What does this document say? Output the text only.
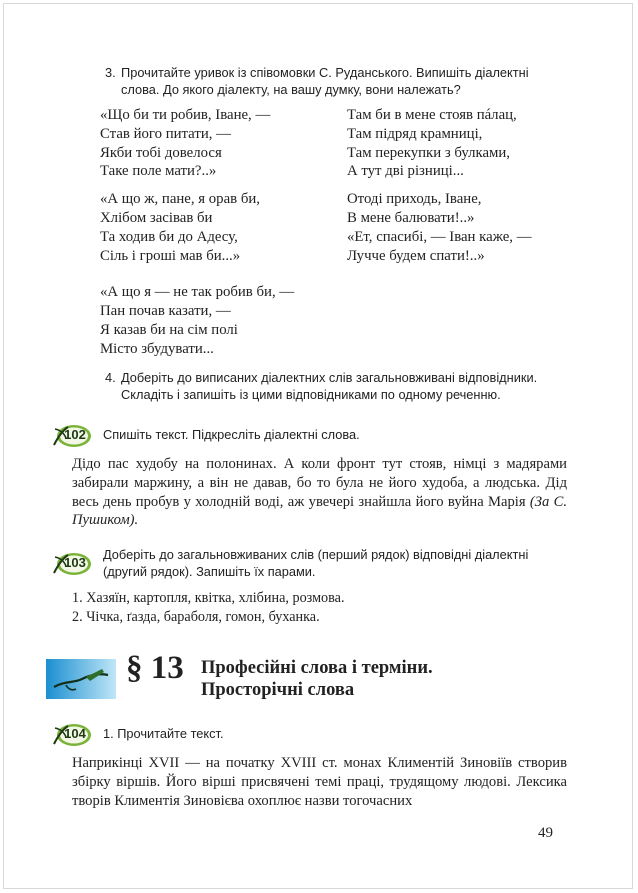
3. Прочитайте уривок із співомовки С. Руданського. Випишіть діалектні слова. До якого діалекту, на вашу думку, вони належать?
«Що би ти робив, Іване, —
Став його питати, —
Якби тобі довелося
Таке поле мати?..»
«А що ж, пане, я орав би,
Хлібом засівав би
Та ходив би до Адесу,
Сіль і гроші мав би...»
«А що я — не так робив би, —
Пан почав казати, —
Я казав би на сім полі
Місто збудувати...
Там би в мене стояв пáлац,
Там підряд крамниці,
Там перекупки з булками,
А тут дві різниці...
Отоді приходь, Іване,
В мене балювати!..»
«Ет, спасибі, — Іван каже, —
Лучче будем спати!..»
4. Доберіть до виписаних діалектних слів загальновживані відповідники. Складіть і запишіть із цими відповідниками по одному реченню.
102 Спишіть текст. Підкресліть діалектні слова.

Дідо пас худобу на полонинах. А коли фронт тут стояв, німці з мадярами забирали маржину, а він не давав, бо то була не його худоба, а людська. Дід весь день пробув у холодній воді, аж увечері знайшла його вуйна Марія (За С. Пушиком).

103
Доберіть до загальновживаних слів (перший рядок) відповідні діалектні (другий рядок). Запишіть їх парами.
1. Хазяїн, картопля, квітка, хлібина, розмова.
2. Чічка, ґазда, бараболя, гомон, буханка.
§ 13 Професійні слова і терміни.
Просторічні слова
104 1. Прочитайте текст.

Наприкінці XVII — на початку XVIII ст. монах Климентій Зиновіїв створив збірку віршів. Його вірші присвячені темі праці, трудящому людові. Лексика творів Климентія Зиновієва охоплює назви тогочасних

49
